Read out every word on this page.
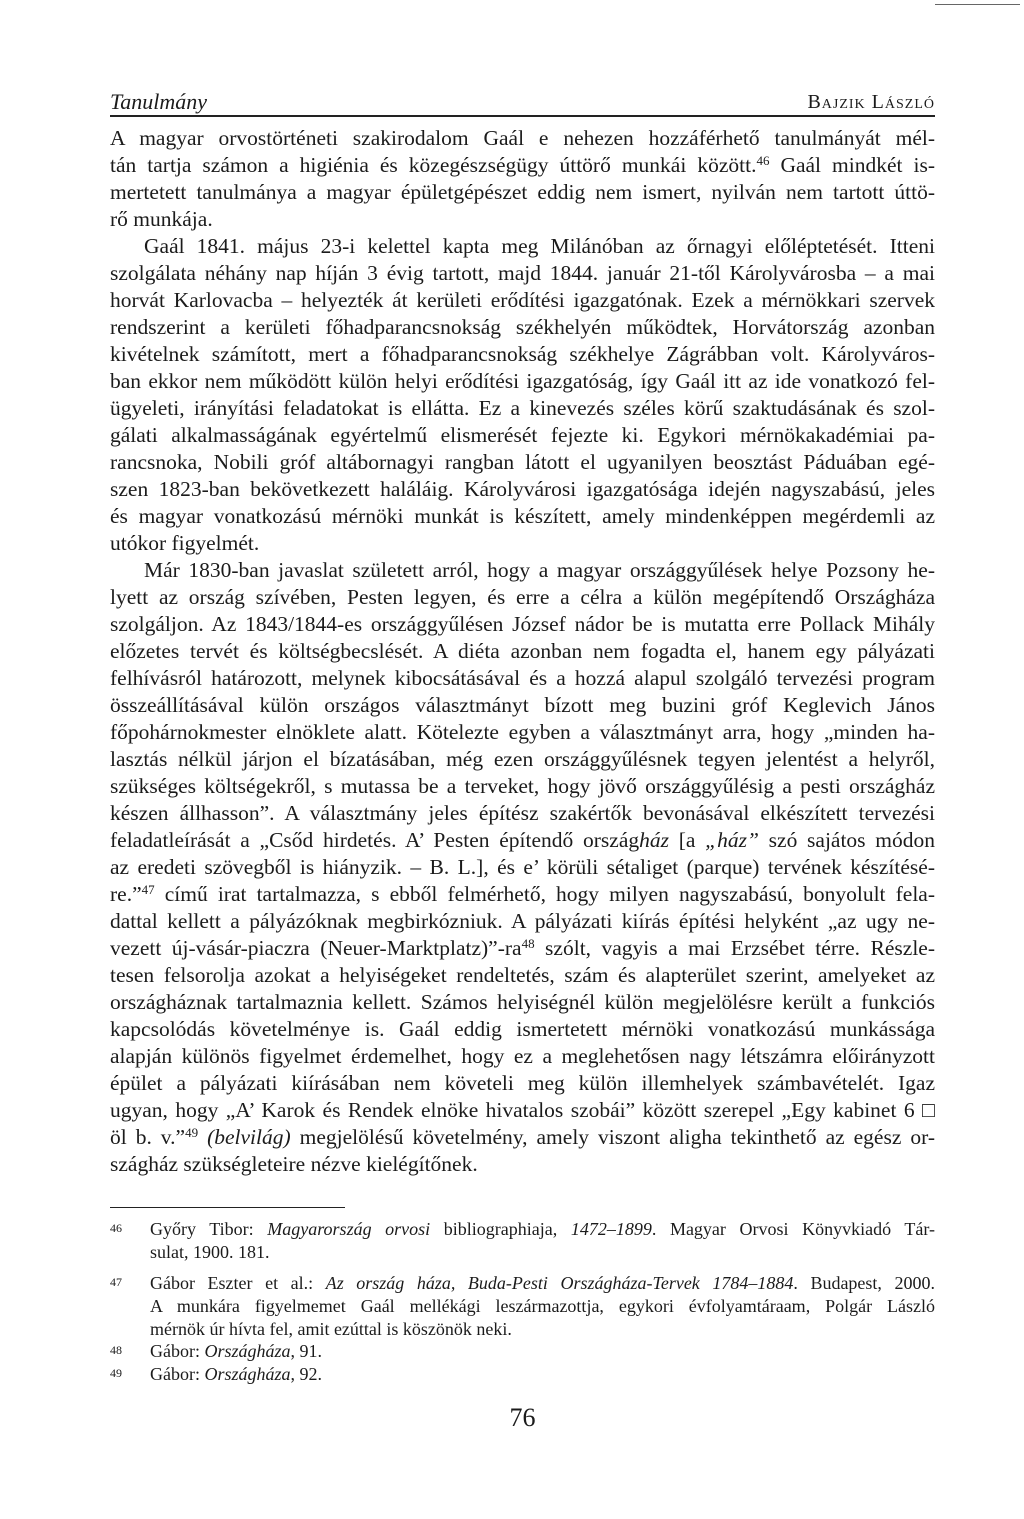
Tanulmány	Bajzik László
A magyar orvostörténeti szakirodalom Gaál e nehezen hozzáférhető tanulmányát mél-
tán tartja számon a higiénia és közegészségügy úttörő munkái között.$^{46}$ Gaál mindkét is-
mertetett tanulmánya a magyar épületgépészet eddig nem ismert, nyilván nem tartott úttö-
rő munkája.
Gaál 1841. május 23-i kelettel kapta meg Milánóban az őrnagyi előléptetését. Itteni
szolgálata néhány nap híján 3 évig tartott, majd 1844. január 21-től Károlyvárosba – a mai
horvát Karlovacba – helyezték át kerületi erődítési igazgatónak. Ezek a mérnökkari szervek
rendszerint a kerületi főhadparancsnokság székhelyén működtek, Horvátország azonban
kivételnek számított, mert a főhadparancsnokság székhelye Zágrábban volt. Károlyváros-
ban ekkor nem működött külön helyi erődítési igazgatóság, így Gaál itt az ide vonatkozó fel-
ügyeleti, irányítási feladatokat is ellátta. Ez a kinevezés széles körű szaktudásának és szol-
gálati alkalmasságának egyértelmű elismerését fejezte ki. Egykori mérnökakadémiai pa-
rancsnoka, Nobili gróf altábornagyi rangban látott el ugyanilyen beosztást Páduában egé-
szen 1823-ban bekövetkezett haláláig. Károlyvárosi igazgatósága idején nagyszabású, jeles
és magyar vonatkozású mérnöki munkát is készített, amely mindenképpen megérdemli az
utókor figyelmét.
Már 1830-ban javaslat született arról, hogy a magyar országgyűlések helye Pozsony he-
lyett az ország szívében, Pesten legyen, és erre a célra a külön megépítendő Országháza
szolgáljon. Az 1843/1844-es országgyűlésen József nádor be is mutatta erre Pollack Mihály
előzetes tervét és költségbecslését. A diéta azonban nem fogadta el, hanem egy pályázati
felhívásról határozott, melynek kibocsátásával és a hozzá alapul szolgáló tervezési program
összeállításával külön országos választmányt bízott meg buzini gróf Keglevich János
főpohárnokmester elnöklete alatt. Kötelezte egyben a választmányt arra, hogy „minden ha-
lasztás nélkül járjon el bízatásában, még ezen országgyűlésnek tegyen jelentést a helyről,
szükséges költségekről, s mutassa be a terveket, hogy jövő országgyűlésig a pesti országház
készen állhasson”. A választmány jeles építész szakértők bevonásával elkészített tervezési
feladatleírását a „Csőd hirdetés. A’ Pesten építendő országház [a „ház” szó sajátos módon
az eredeti szövegből is hiányzik. – B. L.], és e’ körüli sétaliget (parque) tervének készítésé-
re.”$^{47}$ című irat tartalmazza, s ebből felmérhető, hogy milyen nagyszabású, bonyolult fela-
dattal kellett a pályázóknak megbirkózniuk. A pályázati kiírás építési helyként „az ugy ne-
vezett új-vásár-piaczra $(Neuer-Marktplatz)”-ra^{48}$ szólt, vagyis a mai Erzsébet térre. Részle-
tesen felsorolja azokat a helyiségeket rendeltetés, szám és alapterület szerint, amelyeket az
országháznak tartalmaznia kellett. Számos helyiségnél külön megjelölésre került a funkciós
kapcsolódás követelménye is. Gaál eddig ismertetett mérnöki vonatkozású munkássága
alapján különös figyelmet érdemelhet, hogy ez a meglehetősen nagy létszámra előirányzott
épület a pályázati kiírásában nem követeli meg külön illemhelyek számbavételét. Igaz
ugyan, hogy „A’ Karok és Rendek elnöke hivatalos szobái” között szerepel „Egy kabinet 6 □
öl b. v.”$^{49}$ (belvilág) megjelölésű követelmény, amely viszont aligha tekinthető az egész or-
szágház szükségleteire nézve kielégítőnek.
46 Győry Tibor: Magyarország orvosi bibliographiaja, 1472–1899. Magyar Orvosi Könyvkiadó Tár-
sulat, 1900. 181.
47 Gábor Eszter et al.: Az ország háza, Buda-Pesti Országháza-Tervek 1784–1884. Budapest, 2000.
A munkára figyelmemet Gaál mellékági leszármazottja, egykori évfolyamtáraam, Polgár László
mérnök úr hívta fel, amit ezúttal is köszönök neki.
48 Gábor: Országháza, 91.
49 Gábor: Országháza, 92.
76
